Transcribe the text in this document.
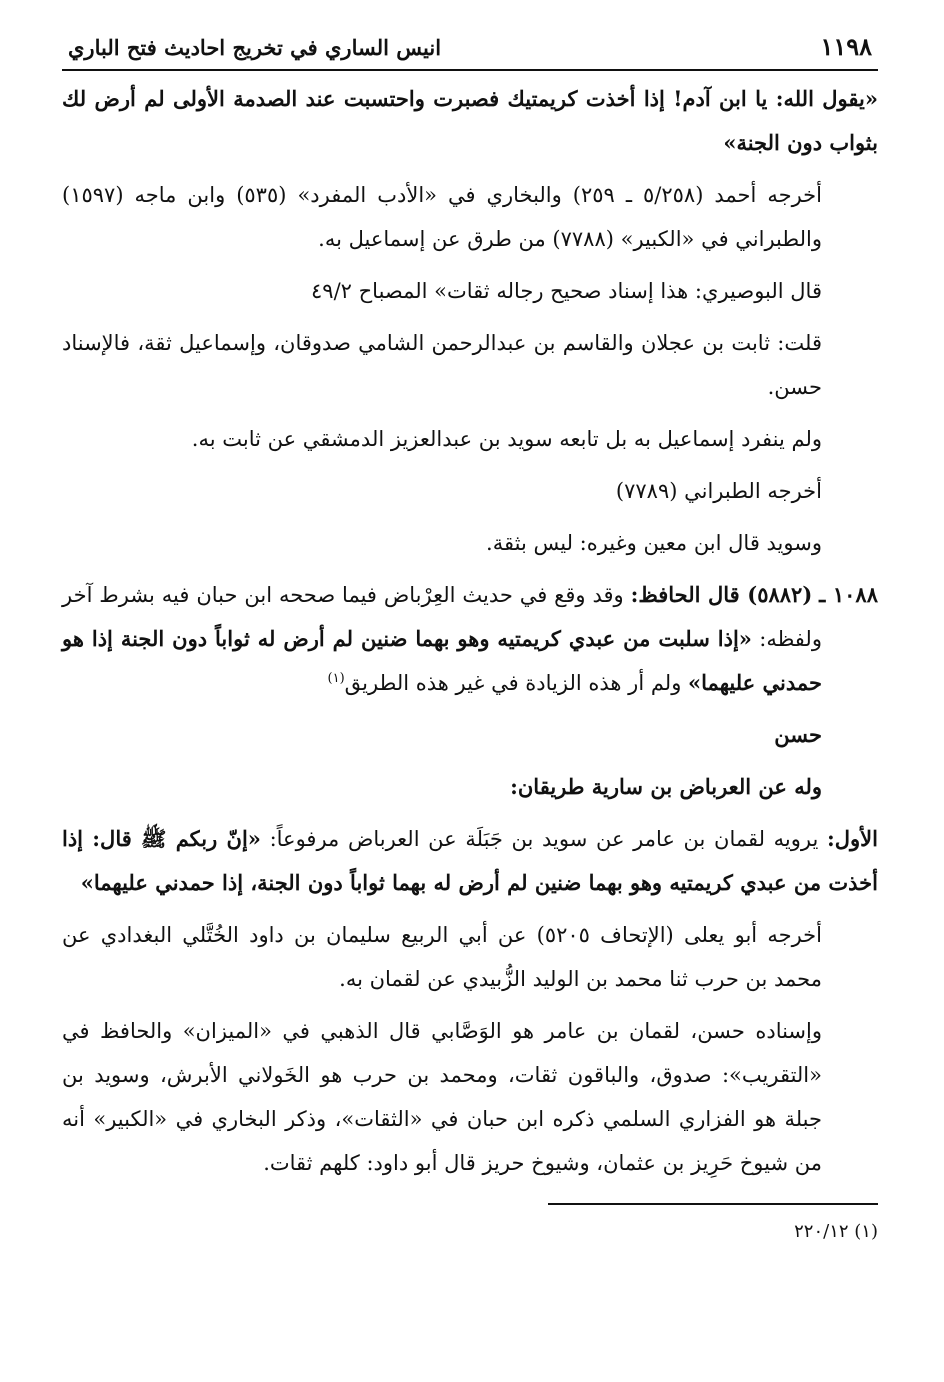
١١٩٨
انيس الساري في تخريج احاديث فتح الباري

«يقول الله: يا ابن آدم! إذا أخذت كريمتيك فصبرت واحتسبت عند الصدمة الأولى لم أرض لك بثواب دون الجنة»

أخرجه أحمد (٥/٢٥٨ ـ ٢٥٩) والبخاري في «الأدب المفرد» (٥٣٥) وابن ماجه (١٥٩٧) والطبراني في «الكبير» (٧٧٨٨) من طرق عن إسماعيل به.

قال البوصيري: هذا إسناد صحيح رجاله ثقات» المصباح ٤٩/٢

قلت: ثابت بن عجلان والقاسم بن عبدالرحمن الشامي صدوقان، وإسماعيل ثقة، فالإسناد حسن.

ولم ينفرد إسماعيل به بل تابعه سويد بن عبدالعزيز الدمشقي عن ثابت به.

أخرجه الطبراني (٧٧٨٩)

وسويد قال ابن معين وغيره: ليس بثقة.

١٠٨٨ ـ (٥٨٨٢) قال الحافظ: وقد وقع في حديث العِرْباض فيما صححه ابن حبان فيه بشرط آخر ولفظه: «إذا سلبت من عبدي كريمتيه وهو بهما ضنين لم أرض له ثواباً دون الجنة إذا هو حمدني عليهما» ولم أر هذه الزيادة في غير هذه الطريق$^{(١)}$

حسن

وله عن العرباض بن سارية طريقان:

الأول: يرويه لقمان بن عامر عن سويد بن جَبَلَة عن العرباض مرفوعاً: «إنّ ربكم ﷺ قال: إذا أخذت من عبدي كريمتيه وهو بهما ضنين لم أرض له بهما ثواباً دون الجنة، إذا حمدني عليهما»

أخرجه أبو يعلى (الإتحاف ٥٢٠٥) عن أبي الربيع سليمان بن داود الخُتَّلي البغدادي عن محمد بن حرب ثنا محمد بن الوليد الزُّبيدي عن لقمان به.

وإسناده حسن، لقمان بن عامر هو الوَصَّابي قال الذهبي في «الميزان» والحافظ في «التقريب»: صدوق، والباقون ثقات، ومحمد بن حرب هو الخَولاني الأبرش، وسويد بن جبلة هو الفزاري السلمي ذكره ابن حبان في «الثقات»، وذكر البخاري في «الكبير» أنه من شيوخ حَرِيز بن عثمان، وشيوخ حريز قال أبو داود: كلهم ثقات.

(١) ٢٢٠/١٢
